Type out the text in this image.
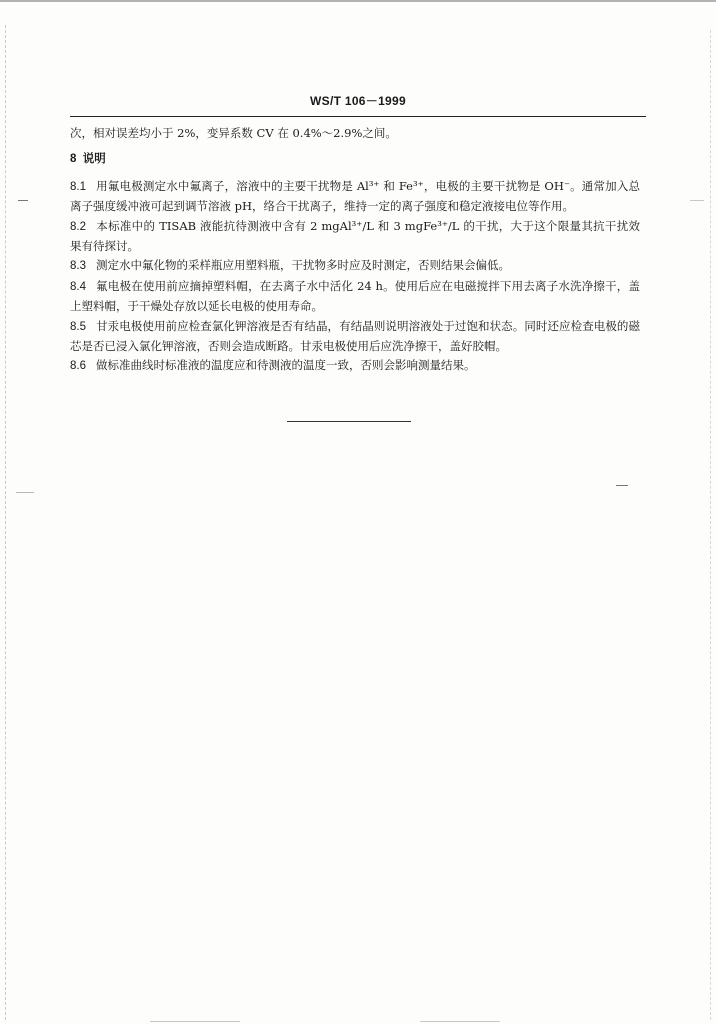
WS/T 106－1999

次，相对误差均小于 2%，变异系数 CV 在 0.4%～2.9%之间。

8 说明

8.1 用氟电极测定水中氟离子，溶液中的主要干扰物是 Al³⁺ 和 Fe³⁺，电极的主要干扰物是 OH⁻。通常加入总离子强度缓冲液可起到调节溶液 pH，络合干扰离子，维持一定的离子强度和稳定液接电位等作用。

8.2 本标准中的 TISAB 液能抗待测液中含有 2 mgAl³⁺/L 和 3 mgFe³⁺/L 的干扰，大于这个限量其抗干扰效果有待探讨。

8.3 测定水中氟化物的采样瓶应用塑料瓶，干扰物多时应及时测定，否则结果会偏低。

8.4 氟电极在使用前应摘掉塑料帽，在去离子水中活化 24 h。使用后应在电磁搅拌下用去离子水洗净擦干，盖上塑料帽，于干燥处存放以延长电极的使用寿命。

8.5 甘汞电极使用前应检查氯化钾溶液是否有结晶，有结晶则说明溶液处于过饱和状态。同时还应检查电极的磁芯是否已浸入氯化钾溶液，否则会造成断路。甘汞电极使用后应洗净擦干，盖好胶帽。

8.6 做标准曲线时标准液的温度应和待测液的温度一致，否则会影响测量结果。
